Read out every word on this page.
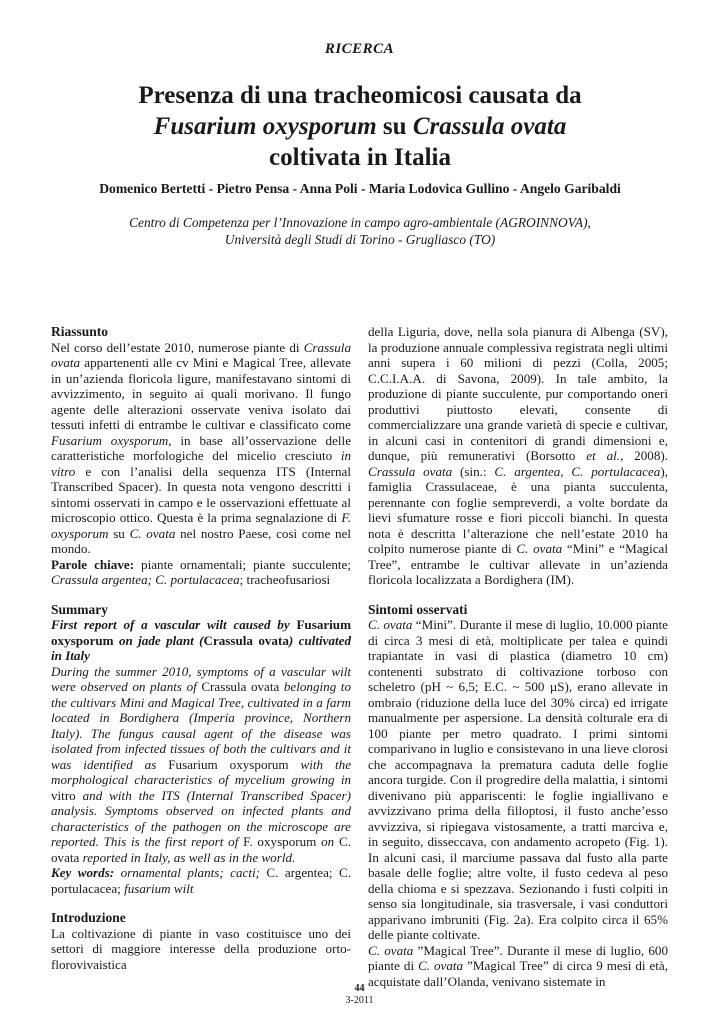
RICERCA
Presenza di una tracheomicosi causata da
Fusarium oxysporum su Crassula ovata
coltivata in Italia
Domenico Bertetti - Pietro Pensa - Anna Poli - Maria Lodovica Gullino - Angelo Garibaldi
Centro di Competenza per l’Innovazione in campo agro-ambientale (AGROINNOVA),
Università degli Studi di Torino - Grugliasco (TO)

Riassunto

Nel corso dell’estate 2010, numerose piante di Crassula ovata appartenenti alle cv Mini e Magical Tree, allevate in un’azienda floricola ligure, manifestavano sintomi di avvizzimento, in seguito ai quali morivano. Il fungo agente delle alterazioni osservate veniva isolato dai tessuti infetti di entrambe le cultivar e classificato come Fusarium oxysporum, in base all’osservazione delle caratteristiche morfologiche del micelio cresciuto in vitro e con l’analisi della sequenza ITS (Internal Transcribed Spacer). In questa nota vengono descritti i sintomi osservati in campo e le osservazioni effettuate al microscopio ottico. Questa è la prima segnalazione di F. oxysporum su C. ovata nel nostro Paese, così come nel mondo.

Parole chiave: piante ornamentali; piante succulente; Crassula argentea; C. portulacacea; tracheofusariosi

Summary

First report of a vascular wilt caused by Fusarium oxysporum on jade plant (Crassula ovata) cultivated in Italy

During the summer 2010, symptoms of a vascular wilt were observed on plants of Crassula ovata belonging to the cultivars Mini and Magical Tree, cultivated in a farm located in Bordighera (Imperia province, Northern Italy). The fungus causal agent of the disease was isolated from infected tissues of both the cultivars and it was identified as Fusarium oxysporum with the morphological characteristics of mycelium growing in vitro and with the ITS (Internal Transcribed Spacer) analysis. Symptoms observed on infected plants and characteristics of the pathogen on the microscope are reported. This is the first report of F. oxysporum on C. ovata reported in Italy, as well as in the world.

Key words: ornamental plants; cacti; C. argentea; C. portulacacea; fusarium wilt

Introduzione

La coltivazione di piante in vaso costituisce uno dei settori di maggiore interesse della produzione orto-florovivaistica

della Liguria, dove, nella sola pianura di Albenga (SV), la produzione annuale complessiva registrata negli ultimi anni supera i 60 milioni di pezzi (Colla, 2005; C.C.I.A.A. di Savona, 2009). In tale ambito, la produzione di piante succulente, pur comportando oneri produttivi piuttosto elevati, consente di commercializzare una grande varietà di specie e cultivar, in alcuni casi in contenitori di grandi dimensioni e, dunque, più remunerativi (Borsotto et al., 2008). Crassula ovata (sin.: C. argentea, C. portulacacea), famiglia Crassulaceae, è una pianta succulenta, perennante con foglie sempreverdi, a volte bordate da lievi sfumature rosse e fiori piccoli bianchi. In questa nota è descritta l’alterazione che nell’estate 2010 ha colpito numerose piante di C. ovata “Mini” e “Magical Tree”, entrambe le cultivar allevate in un’azienda floricola localizzata a Bordighera (IM).

Sintomi osservati

C. ovata “Mini”. Durante il mese di luglio, 10.000 piante di circa 3 mesi di età, moltiplicate per talea e quindi trapiantate in vasi di plastica (diametro 10 cm) contenenti substrato di coltivazione torboso con scheletro (pH ~ 6,5; E.C. ~ 500 µS), erano allevate in ombraio (riduzione della luce del 30% circa) ed irrigate manualmente per aspersione. La densità colturale era di 100 piante per metro quadrato. I primi sintomi comparivano in luglio e consistevano in una lieve clorosi che accompagnava la prematura caduta delle foglie ancora turgide. Con il progredire della malattia, i sintomi divenivano più appariscenti: le foglie ingiallivano e avvizzivano prima della filloptosi, il fusto anche’esso avvizziva, si ripiegava vistosamente, a tratti marciva e, in seguito, disseccava, con andamento acropeto (Fig. 1). In alcuni casi, il marciume passava dal fusto alla parte basale delle foglie; altre volte, il fusto cedeva al peso della chioma e si spezzava. Sezionando i fusti colpiti in senso sia longitudinale, sia trasversale, i vasi conduttori apparivano imbruniti (Fig. 2a). Era colpito circa il 65% delle piante coltivate.

C. ovata ”Magical Tree”. Durante il mese di luglio, 600 piante di C. ovata ”Magical Tree” di circa 9 mesi di età, acquistate dall’Olanda, venivano sistemate in

44
3-2011
